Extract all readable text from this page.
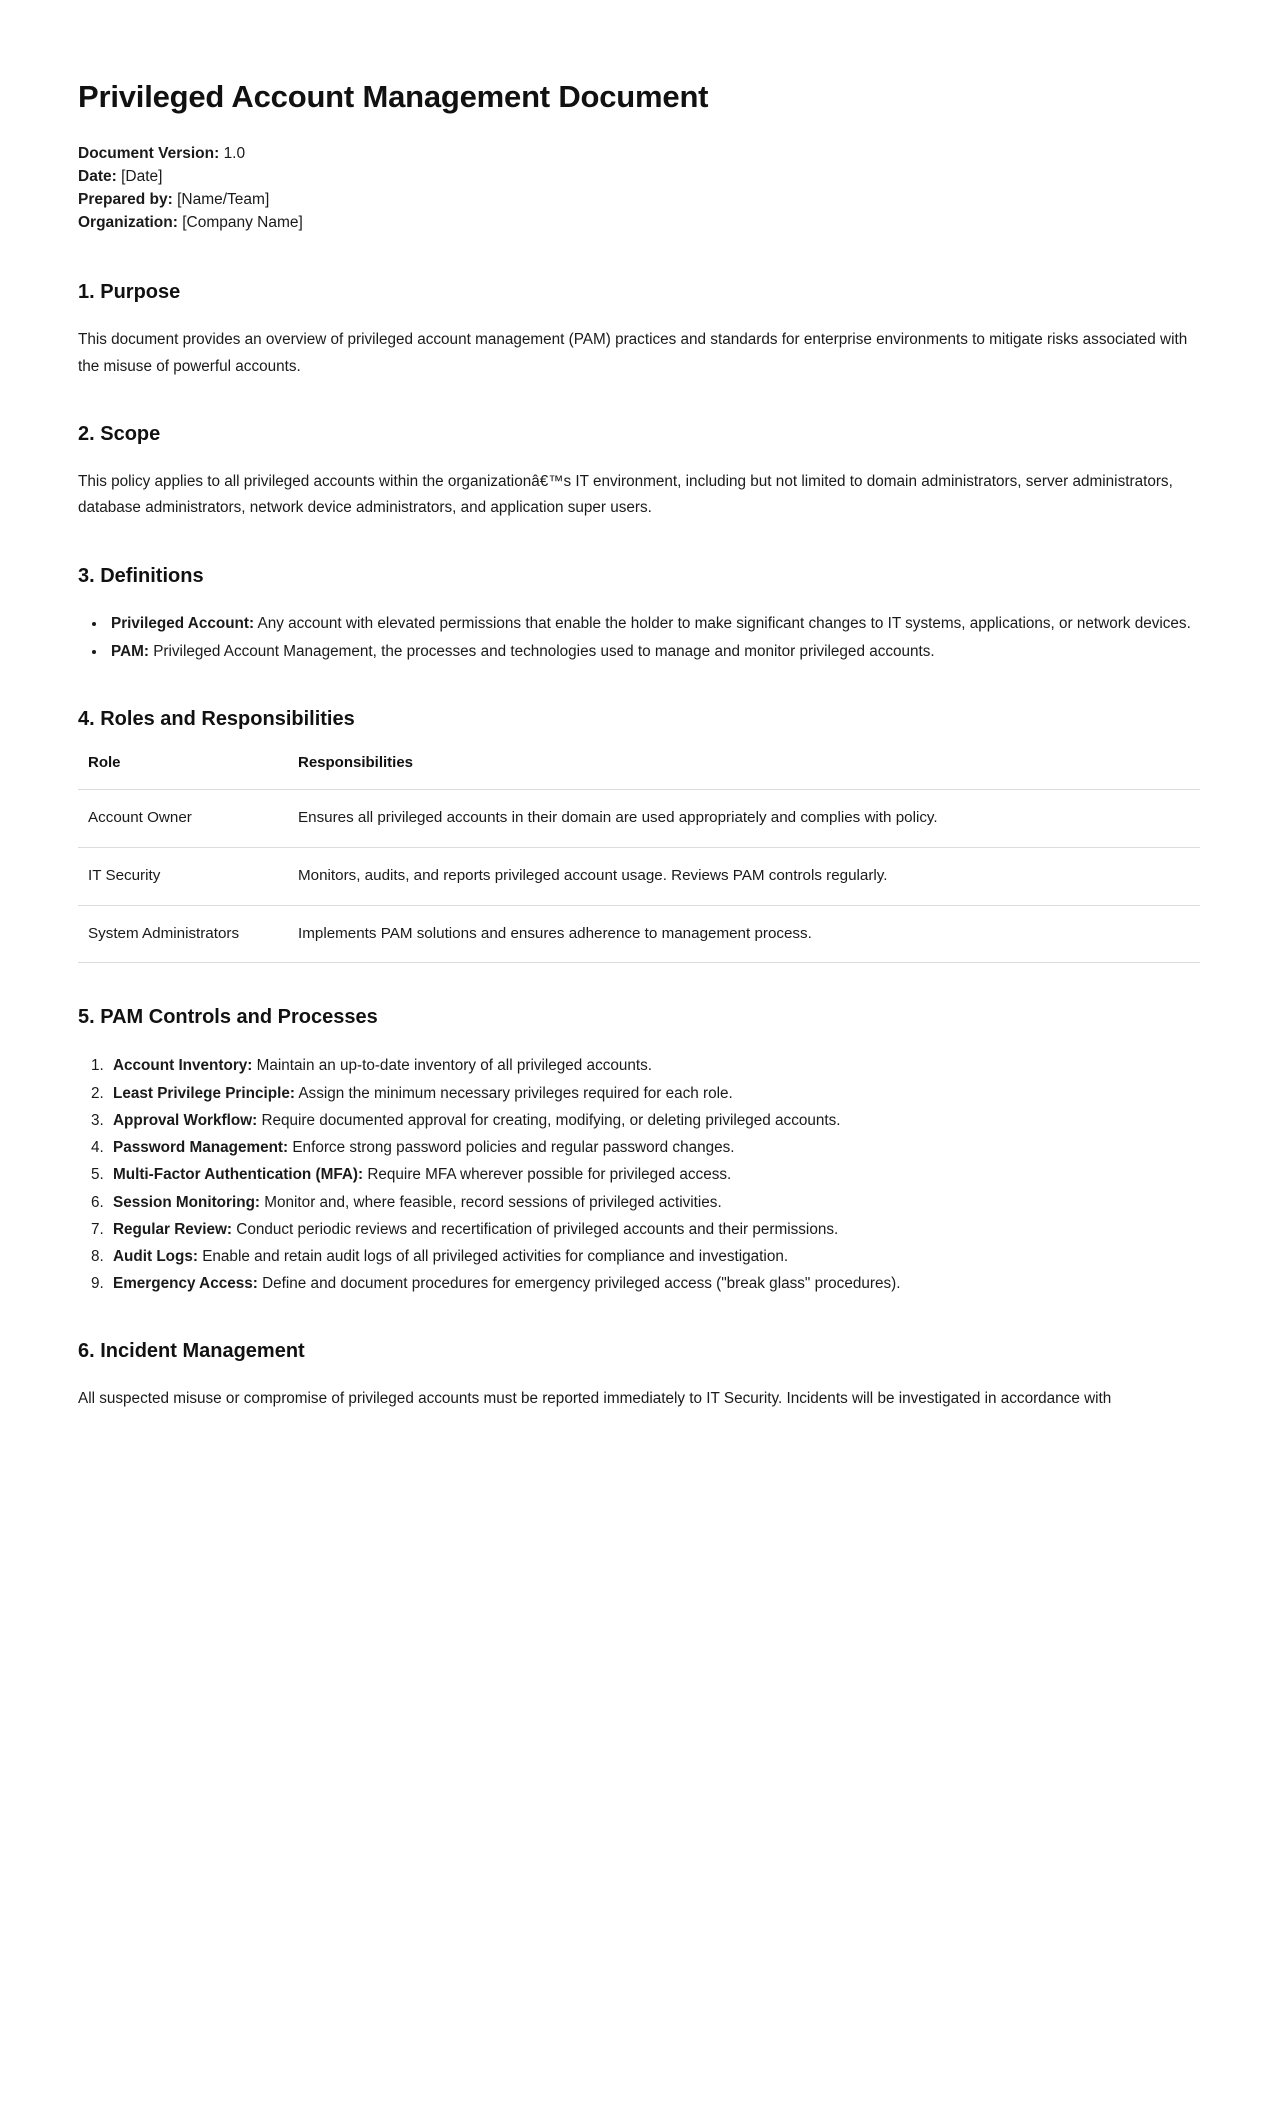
Privileged Account Management Document

Document Version: 1.0

Date: [Date]

Prepared by: [Name/Team]

Organization: [Company Name]

1. Purpose

This document provides an overview of privileged account management (PAM) practices and standards for enterprise environments to mitigate risks associated with the misuse of powerful accounts.

2. Scope

This policy applies to all privileged accounts within the organizationâ€™s IT environment, including but not limited to domain administrators, server administrators, database administrators, network device administrators, and application super users.

3. Definitions
• Privileged Account: Any account with elevated permissions that enable the holder to make significant changes to IT systems, applications, or network devices.
• PAM: Privileged Account Management, the processes and technologies used to manage and monitor privileged accounts.
4. Roles and Responsibilities
Role	Responsibilities
Account Owner	Ensures all privileged accounts in their domain are used appropriately and complies with policy.
IT Security	Monitors, audits, and reports privileged account usage. Reviews PAM controls regularly.
System Administrators	Implements PAM solutions and ensures adherence to management process.
5. PAM Controls and Processes
1. Account Inventory: Maintain an up-to-date inventory of all privileged accounts.
2. Least Privilege Principle: Assign the minimum necessary privileges required for each role.
3. Approval Workflow: Require documented approval for creating, modifying, or deleting privileged accounts.
4. Password Management: Enforce strong password policies and regular password changes.
5. Multi-Factor Authentication (MFA): Require MFA wherever possible for privileged access.
6. Session Monitoring: Monitor and, where feasible, record sessions of privileged activities.
7. Regular Review: Conduct periodic reviews and recertification of privileged accounts and their permissions.
8. Audit Logs: Enable and retain audit logs of all privileged activities for compliance and investigation.
9. Emergency Access: Define and document procedures for emergency privileged access ("break glass" procedures).
6. Incident Management

All suspected misuse or compromise of privileged accounts must be reported immediately to IT Security. Incidents will be investigated in accordance with
